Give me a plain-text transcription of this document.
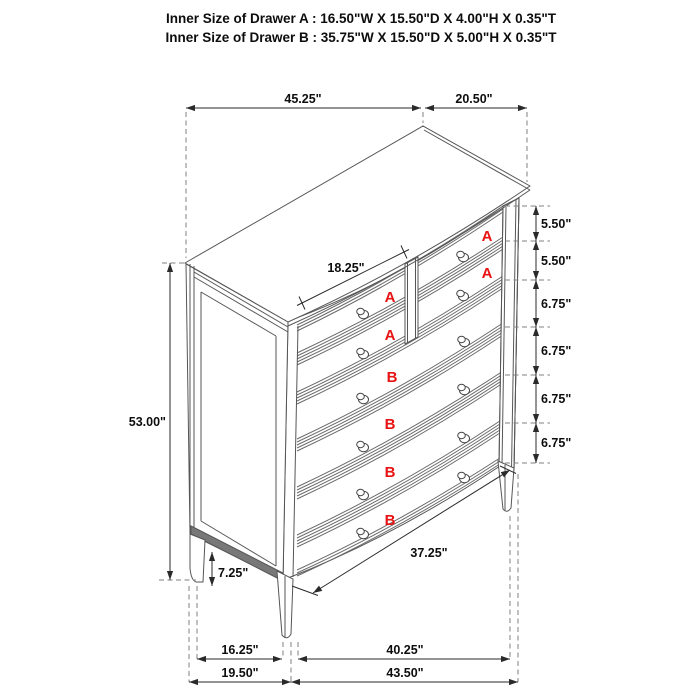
Inner Size of Drawer A : 16.50"W X 15.50"D X 4.00"H X 0.35"T
Inner Size of Drawer B : 35.75"W X 15.50"D X 5.00"H X 0.35"T
45.25"	20.50"
53.00"
7.25"
5.50"
5.50"
6.75"
6.75"
6.75"
6.75"
18.25"
37.25"
16.25"	40.25"
19.50"	43.50"
A
A
A
A
B
B
B
B
